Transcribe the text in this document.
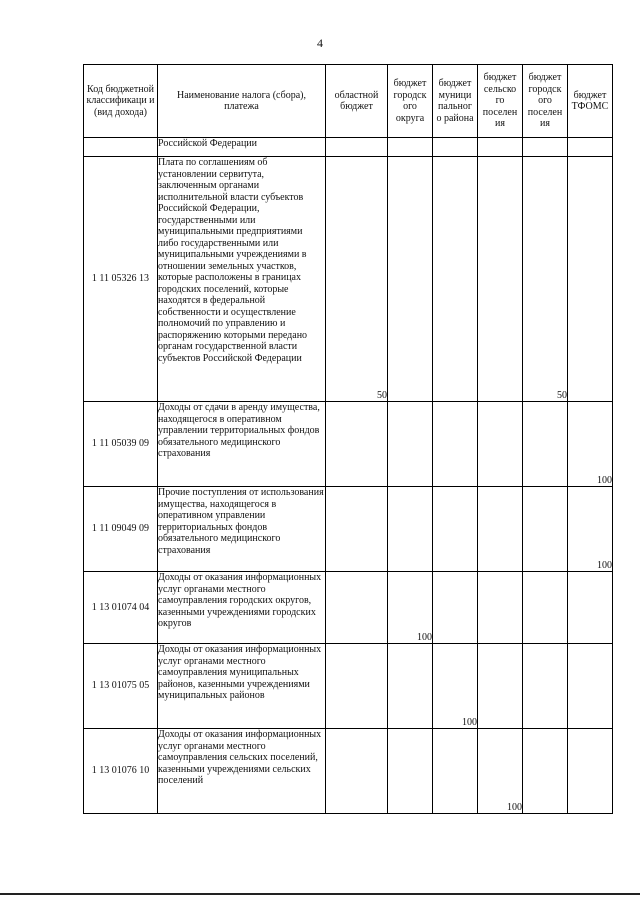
4
Код бюджетной классификаци и (вид дохода)	Наименование налога (сбора), платежа	областной бюджет	бюджет городск ого округа	бюджет муници пальног о района	бюджет сельско го поселен ия	бюджет городск ого поселен ия	бюджет ТФОМС
	Российской Федерации						
1 11 05326 13	Плата по соглашениям об установлении сервитута, заключенным органами исполнительной власти субъектов Российской Федерации, государственными или муниципальными предприятиями либо государственными или муниципальными учреждениями в отношении земельных участков, которые расположены в границах городских поселений, которые находятся в федеральной собственности и осуществление полномочий по управлению и распоряжению которыми передано органам государственной власти субъектов Российской Федерации	50				50	
1 11 05039 09	Доходы от сдачи в аренду имущества, находящегося в оперативном управлении территориальных фондов обязательного медицинского страхования						100
1 11 09049 09	Прочие поступления от использования имущества, находящегося в оперативном управлении территориальных фондов обязательного медицинского страхования						100
1 13 01074 04	Доходы от оказания информационных услуг органами местного самоуправления городских округов, казенными учреждениями городских округов		100				
1 13 01075 05	Доходы от оказания информационных услуг органами местного самоуправления муниципальных районов, казенными учреждениями муниципальных районов			100			
1 13 01076 10	Доходы от оказания информационных услуг органами местного самоуправления сельских поселений, казенными учреждениями сельских поселений				100		
